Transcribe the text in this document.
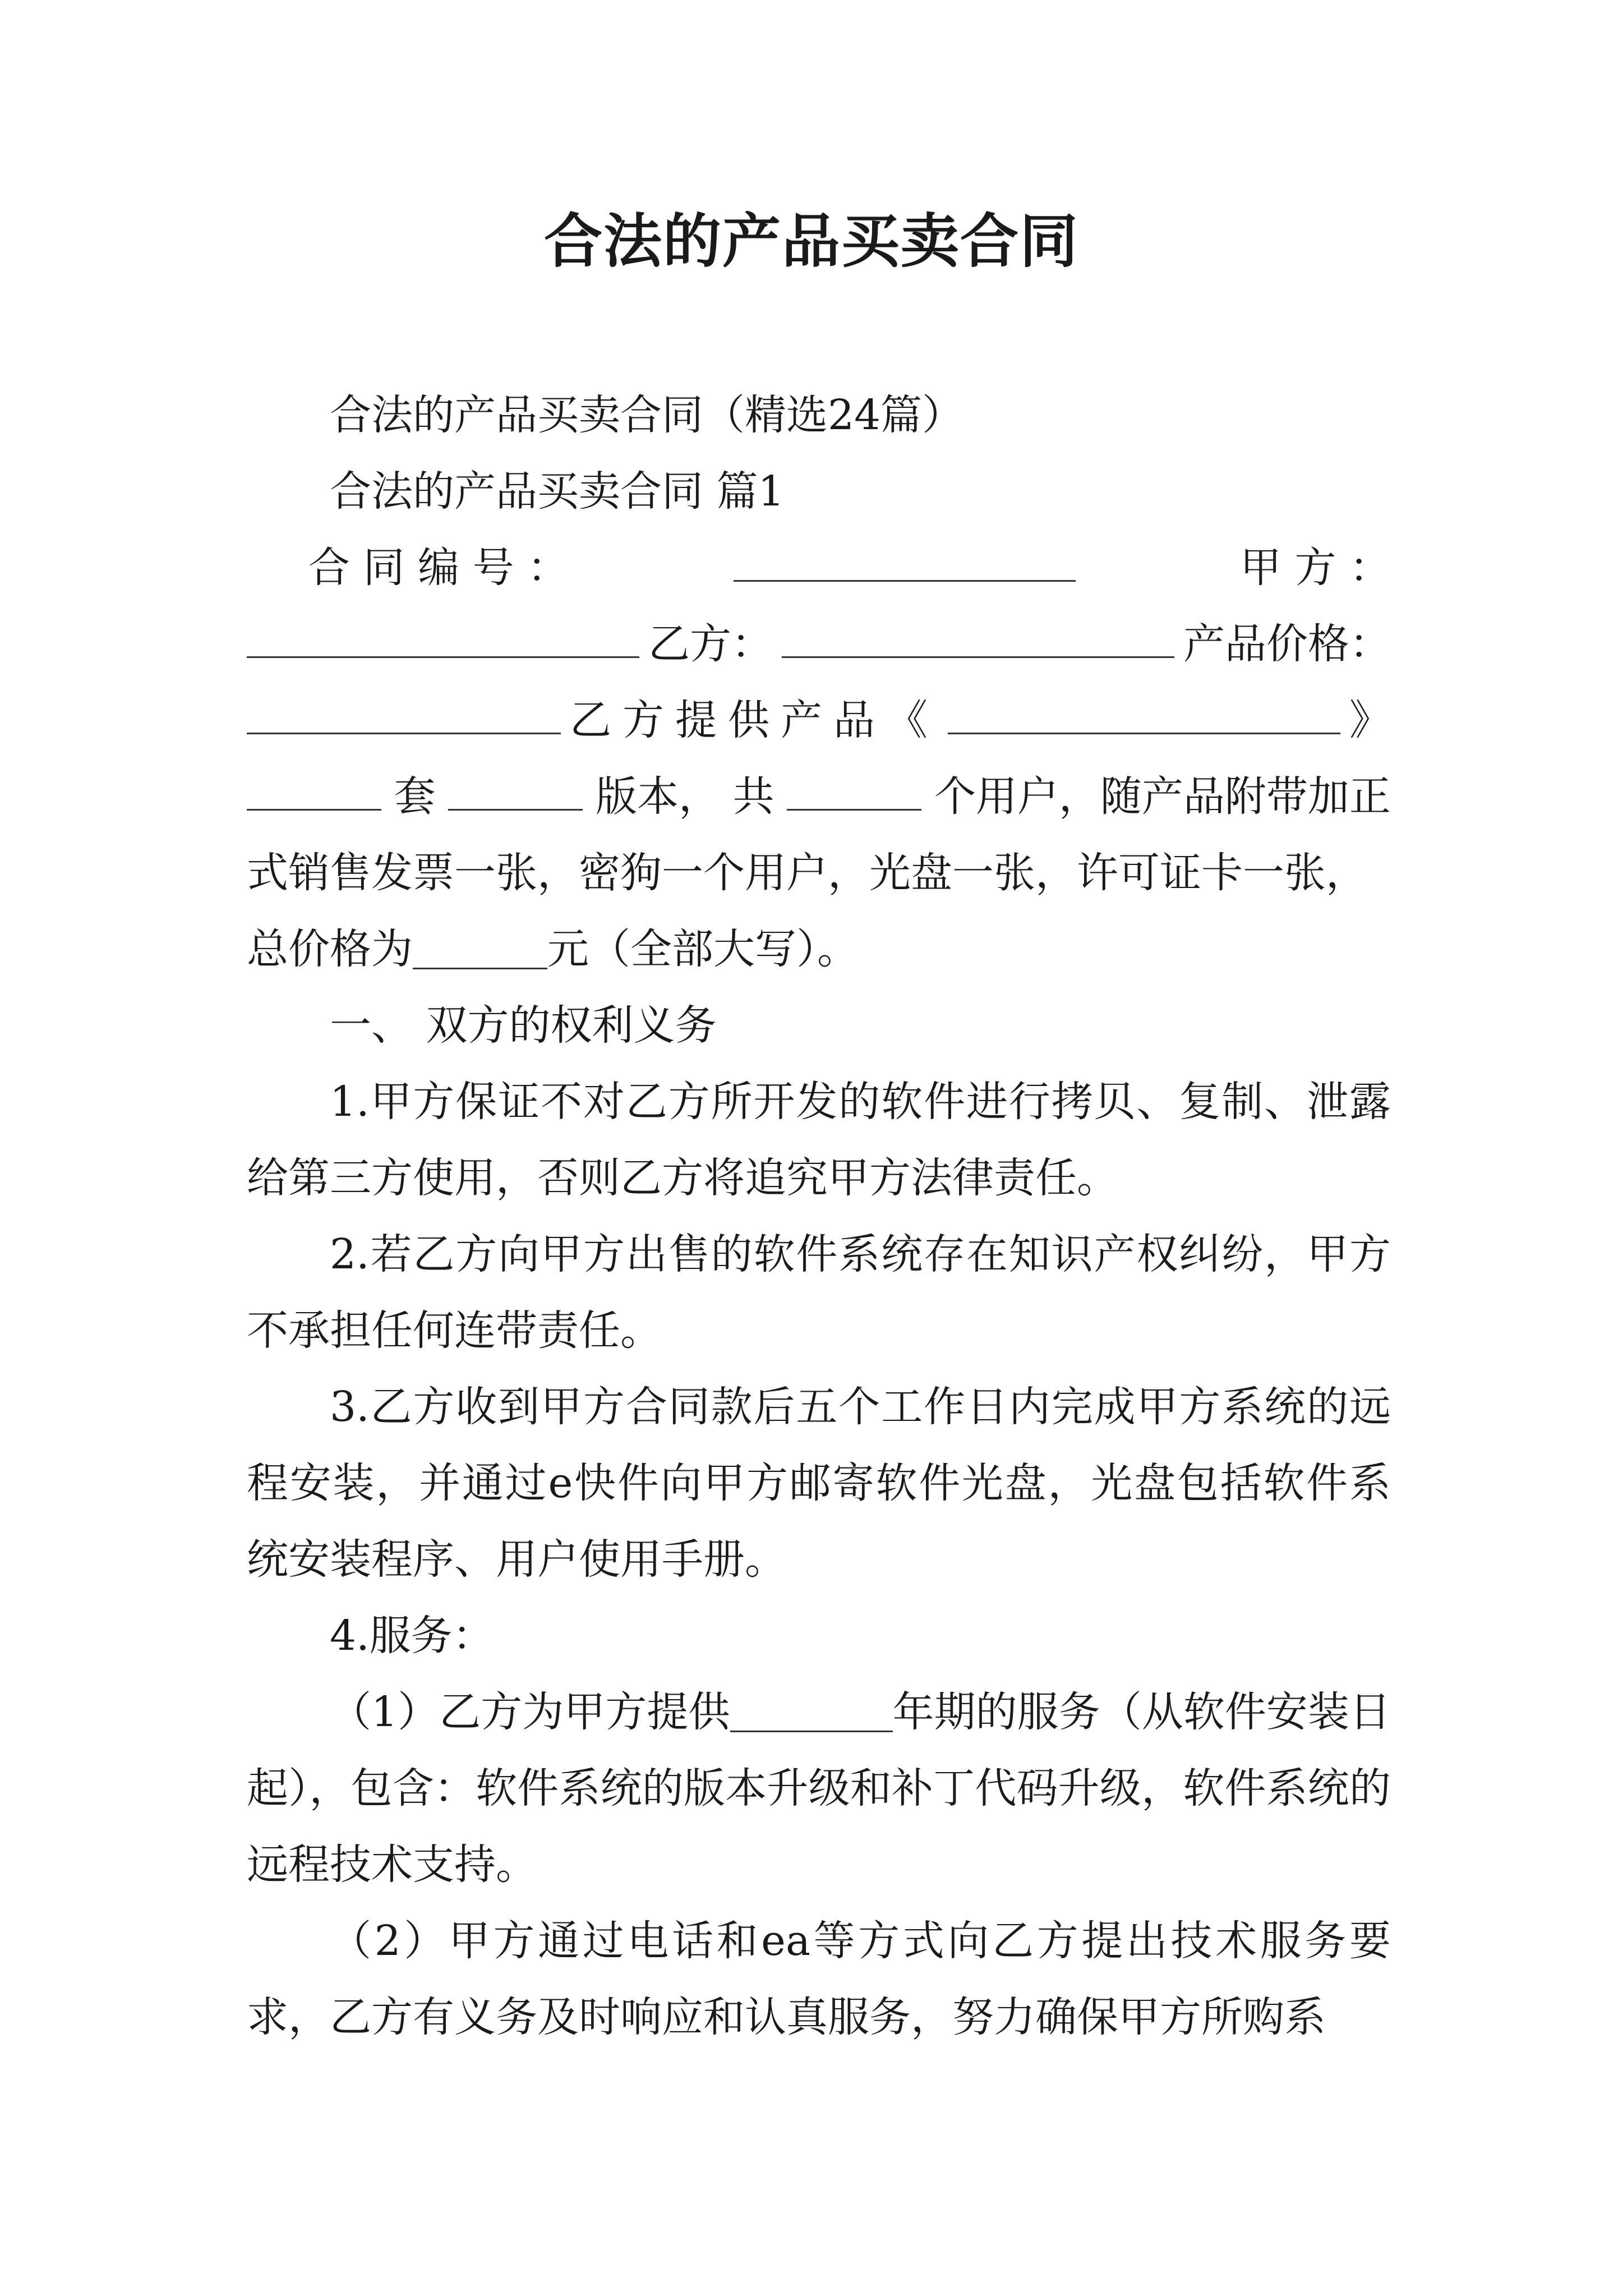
合法的产品买卖合同

合法的产品买卖合同（精选24篇）

合法的产品买卖合同 篇1

合 同 编 号 ：	甲 方 ：
乙方：	产品价格：
乙方提供产品《	》
套	版本， 共	个用户，随产品附带加正

式销售发票一张，密狗一个用户，光盘一张，许可证卡一张，

总价格为	元（全部大写）。

一、 双方的权利义务

1.甲方保证不对乙方所开发的软件进行拷贝、复制、泄露给第三方使用，否则乙方将追究甲方法律责任。

2.若乙方向甲方出售的软件系统存在知识产权纠纷，甲方不承担任何连带责任。

3.乙方收到甲方合同款后五个工作日内完成甲方系统的远程安装，并通过e快件向甲方邮寄软件光盘，光盘包括软件系统安装程序、用户使用手册。

4.服务：

（1）乙方为甲方提供	年期的服务（从软件安装日起），包含：软件系统的版本升级和补丁代码升级，软件系统的远程技术支持。

（2）甲方通过电话和ea等方式向乙方提出技术服务要求，乙方有义务及时响应和认真服务，努力确保甲方所购系
